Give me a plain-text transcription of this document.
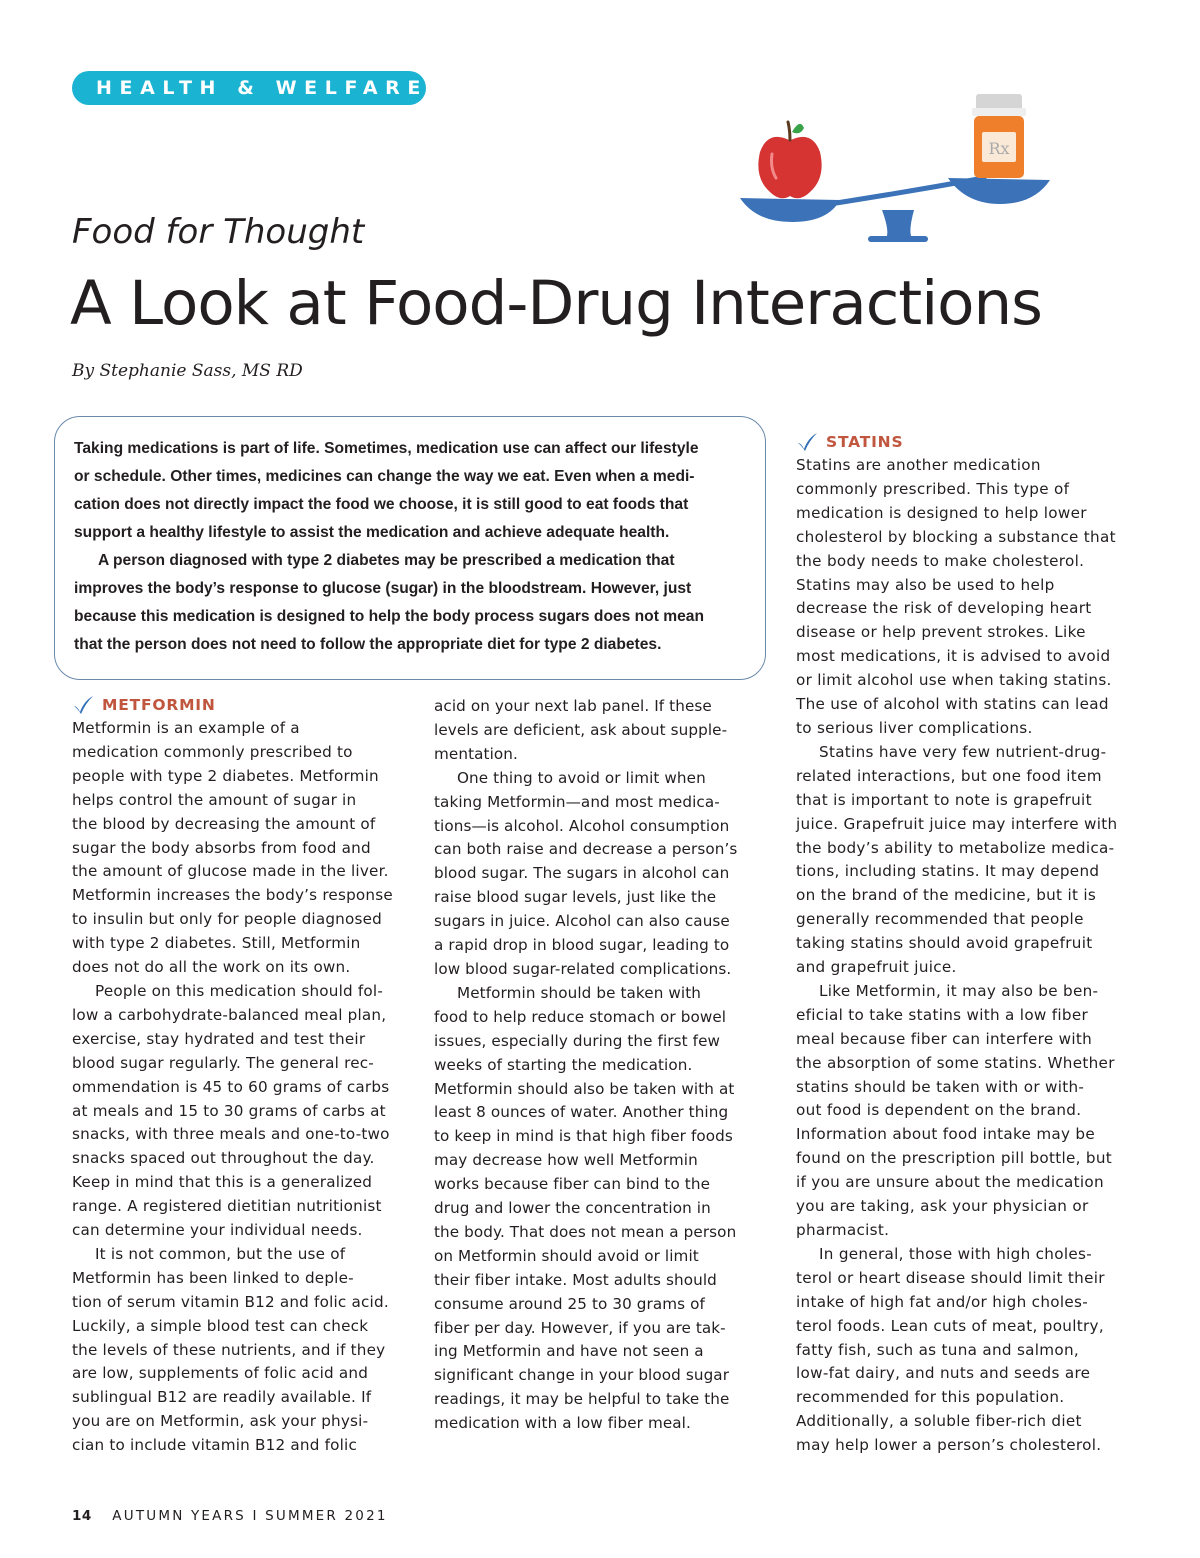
HEALTH & WELFARE
Rx
Food for Thought
A Look at Food-Drug Interactions

By Stephanie Sass, MS RD

Taking medications is part of life. Sometimes, medication use can affect our lifestyle
or schedule. Other times, medicines can change the way we eat. Even when a medi-
cation does not directly impact the food we choose, it is still good to eat foods that
support a healthy lifestyle to assist the medication and achieve adequate health.

A person diagnosed with type 2 diabetes may be prescribed a medication that
improves the body’s response to glucose (sugar) in the bloodstream. However, just
because this medication is designed to help the body process sugars does not mean
that the person does not need to follow the appropriate diet for type 2 diabetes.

METFORMIN

Metformin is an example of a
medication commonly prescribed to
people with type 2 diabetes. Metformin
helps control the amount of sugar in
the blood by decreasing the amount of
sugar the body absorbs from food and
the amount of glucose made in the liver.
Metformin increases the body’s response
to insulin but only for people diagnosed
with type 2 diabetes. Still, Metformin
does not do all the work on its own.

People on this medication should fol-
low a carbohydrate-balanced meal plan,
exercise, stay hydrated and test their
blood sugar regularly. The general rec-
ommendation is 45 to 60 grams of carbs
at meals and 15 to 30 grams of carbs at
snacks, with three meals and one-to-two
snacks spaced out throughout the day.
Keep in mind that this is a generalized
range. A registered dietitian nutritionist
can determine your individual needs.

It is not common, but the use of
Metformin has been linked to deple-
tion of serum vitamin B12 and folic acid.
Luckily, a simple blood test can check
the levels of these nutrients, and if they
are low, supplements of folic acid and
sublingual B12 are readily available. If
you are on Metformin, ask your physi-
cian to include vitamin B12 and folic

acid on your next lab panel. If these
levels are deficient, ask about supple-
mentation.

One thing to avoid or limit when
taking Metformin—and most medica-
tions—is alcohol. Alcohol consumption
can both raise and decrease a person’s
blood sugar. The sugars in alcohol can
raise blood sugar levels, just like the
sugars in juice. Alcohol can also cause
a rapid drop in blood sugar, leading to
low blood sugar-related complications.

Metformin should be taken with
food to help reduce stomach or bowel
issues, especially during the first few
weeks of starting the medication.
Metformin should also be taken with at
least 8 ounces of water. Another thing
to keep in mind is that high fiber foods
may decrease how well Metformin
works because fiber can bind to the
drug and lower the concentration in
the body. That does not mean a person
on Metformin should avoid or limit
their fiber intake. Most adults should
consume around 25 to 30 grams of
fiber per day. However, if you are tak-
ing Metformin and have not seen a
significant change in your blood sugar
readings, it may be helpful to take the
medication with a low fiber meal.

STATINS

Statins are another medication
commonly prescribed. This type of
medication is designed to help lower
cholesterol by blocking a substance that
the body needs to make cholesterol.
Statins may also be used to help
decrease the risk of developing heart
disease or help prevent strokes. Like
most medications, it is advised to avoid
or limit alcohol use when taking statins.
The use of alcohol with statins can lead
to serious liver complications.

Statins have very few nutrient-drug-
related interactions, but one food item
that is important to note is grapefruit
juice. Grapefruit juice may interfere with
the body’s ability to metabolize medica-
tions, including statins. It may depend
on the brand of the medicine, but it is
generally recommended that people
taking statins should avoid grapefruit
and grapefruit juice.

Like Metformin, it may also be ben-
eficial to take statins with a low fiber
meal because fiber can interfere with
the absorption of some statins. Whether
statins should be taken with or with-
out food is dependent on the brand.
Information about food intake may be
found on the prescription pill bottle, but
if you are unsure about the medication
you are taking, ask your physician or
pharmacist.

In general, those with high choles-
terol or heart disease should limit their
intake of high fat and/or high choles-
terol foods. Lean cuts of meat, poultry,
fatty fish, such as tuna and salmon,
low-fat dairy, and nuts and seeds are
recommended for this population.
Additionally, a soluble fiber-rich diet
may help lower a person’s cholesterol.

14 AUTUMN YEARS I SUMMER 2021
